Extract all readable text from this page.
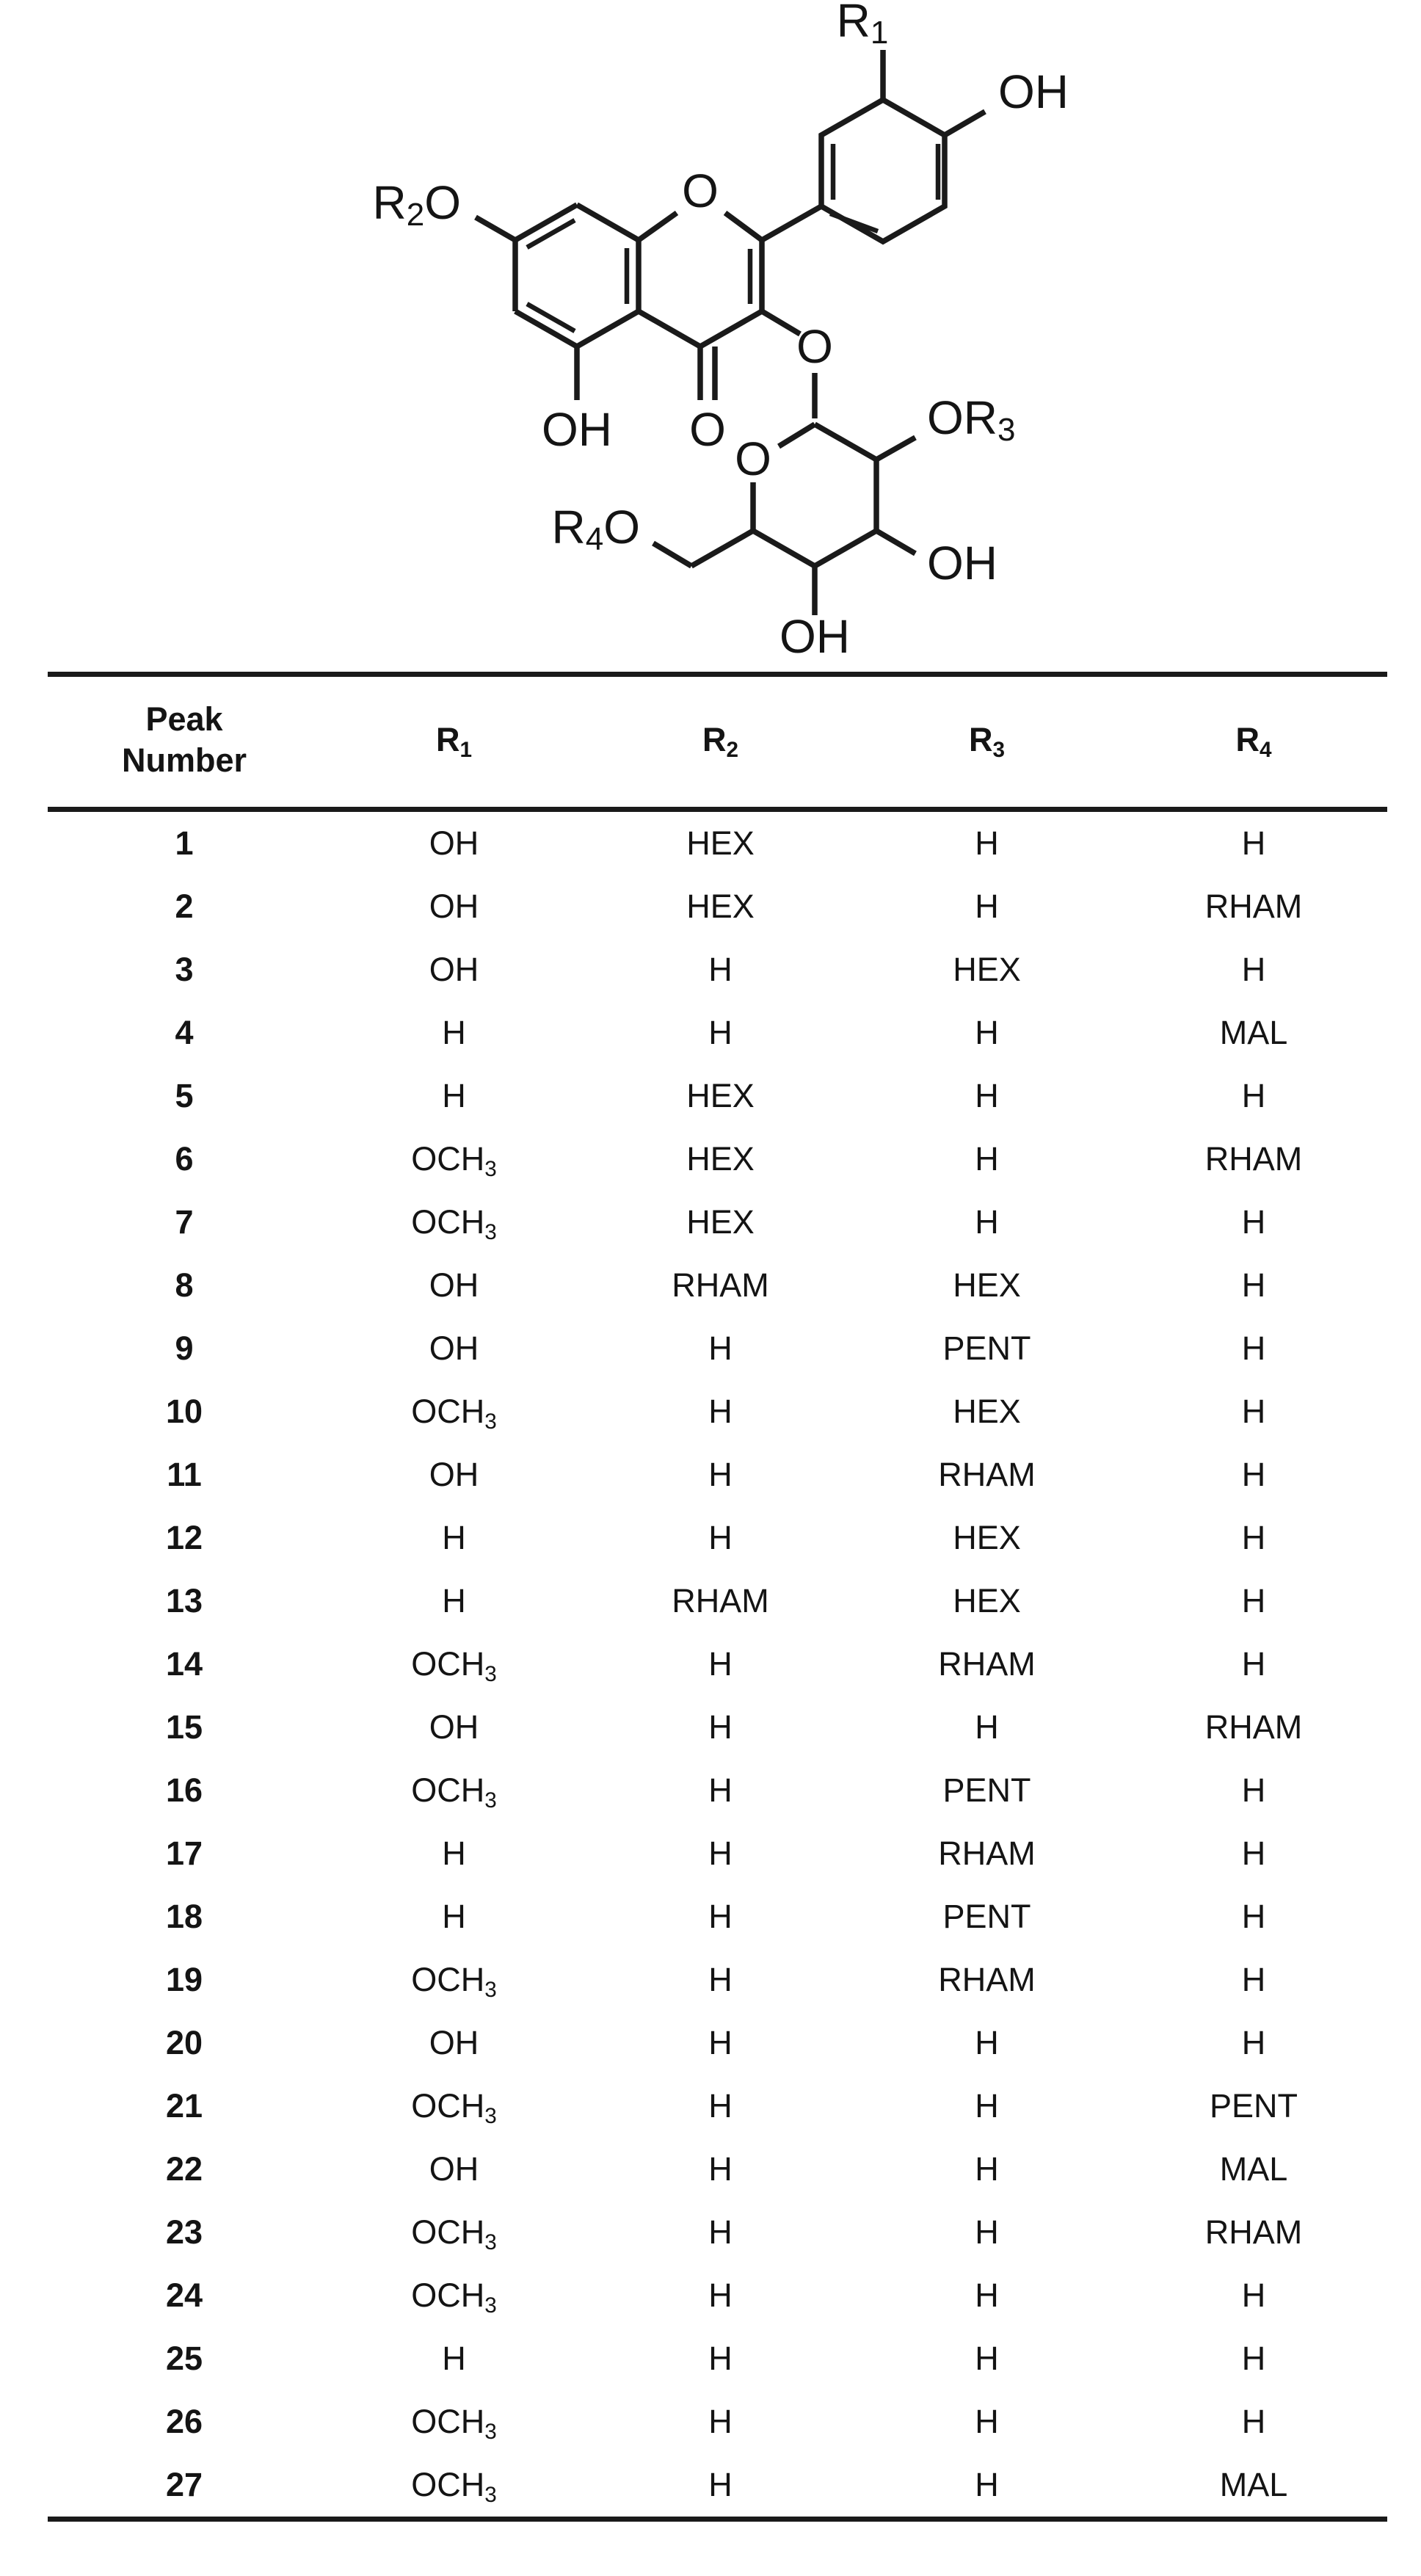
$R_1$
OH
O
O
$R_2O$
OH
O
O
$OR_3$
OH
OH
$R_4O$
Peak
Number	$R_1$	$R_2$	$R_3$	$R_4$
1	OH	HEX	H	H
2	OH	HEX	H	RHAM
3	OH	H	HEX	H
4	H	H	H	MAL
5	H	HEX	H	H
6	$OCH_3$	HEX	H	RHAM
7	$OCH_3$	HEX	H	H
8	OH	RHAM	HEX	H
9	OH	H	PENT	H
10	$OCH_3$	H	HEX	H
11	OH	H	RHAM	H
12	H	H	HEX	H
13	H	RHAM	HEX	H
14	$OCH_3$	H	RHAM	H
15	OH	H	H	RHAM
16	$OCH_3$	H	PENT	H
17	H	H	RHAM	H
18	H	H	PENT	H
19	$OCH_3$	H	RHAM	H
20	OH	H	H	H
21	$OCH_3$	H	H	PENT
22	OH	H	H	MAL
23	$OCH_3$	H	H	RHAM
24	$OCH_3$	H	H	H
25	H	H	H	H
26	$OCH_3$	H	H	H
27	$OCH_3$	H	H	MAL
